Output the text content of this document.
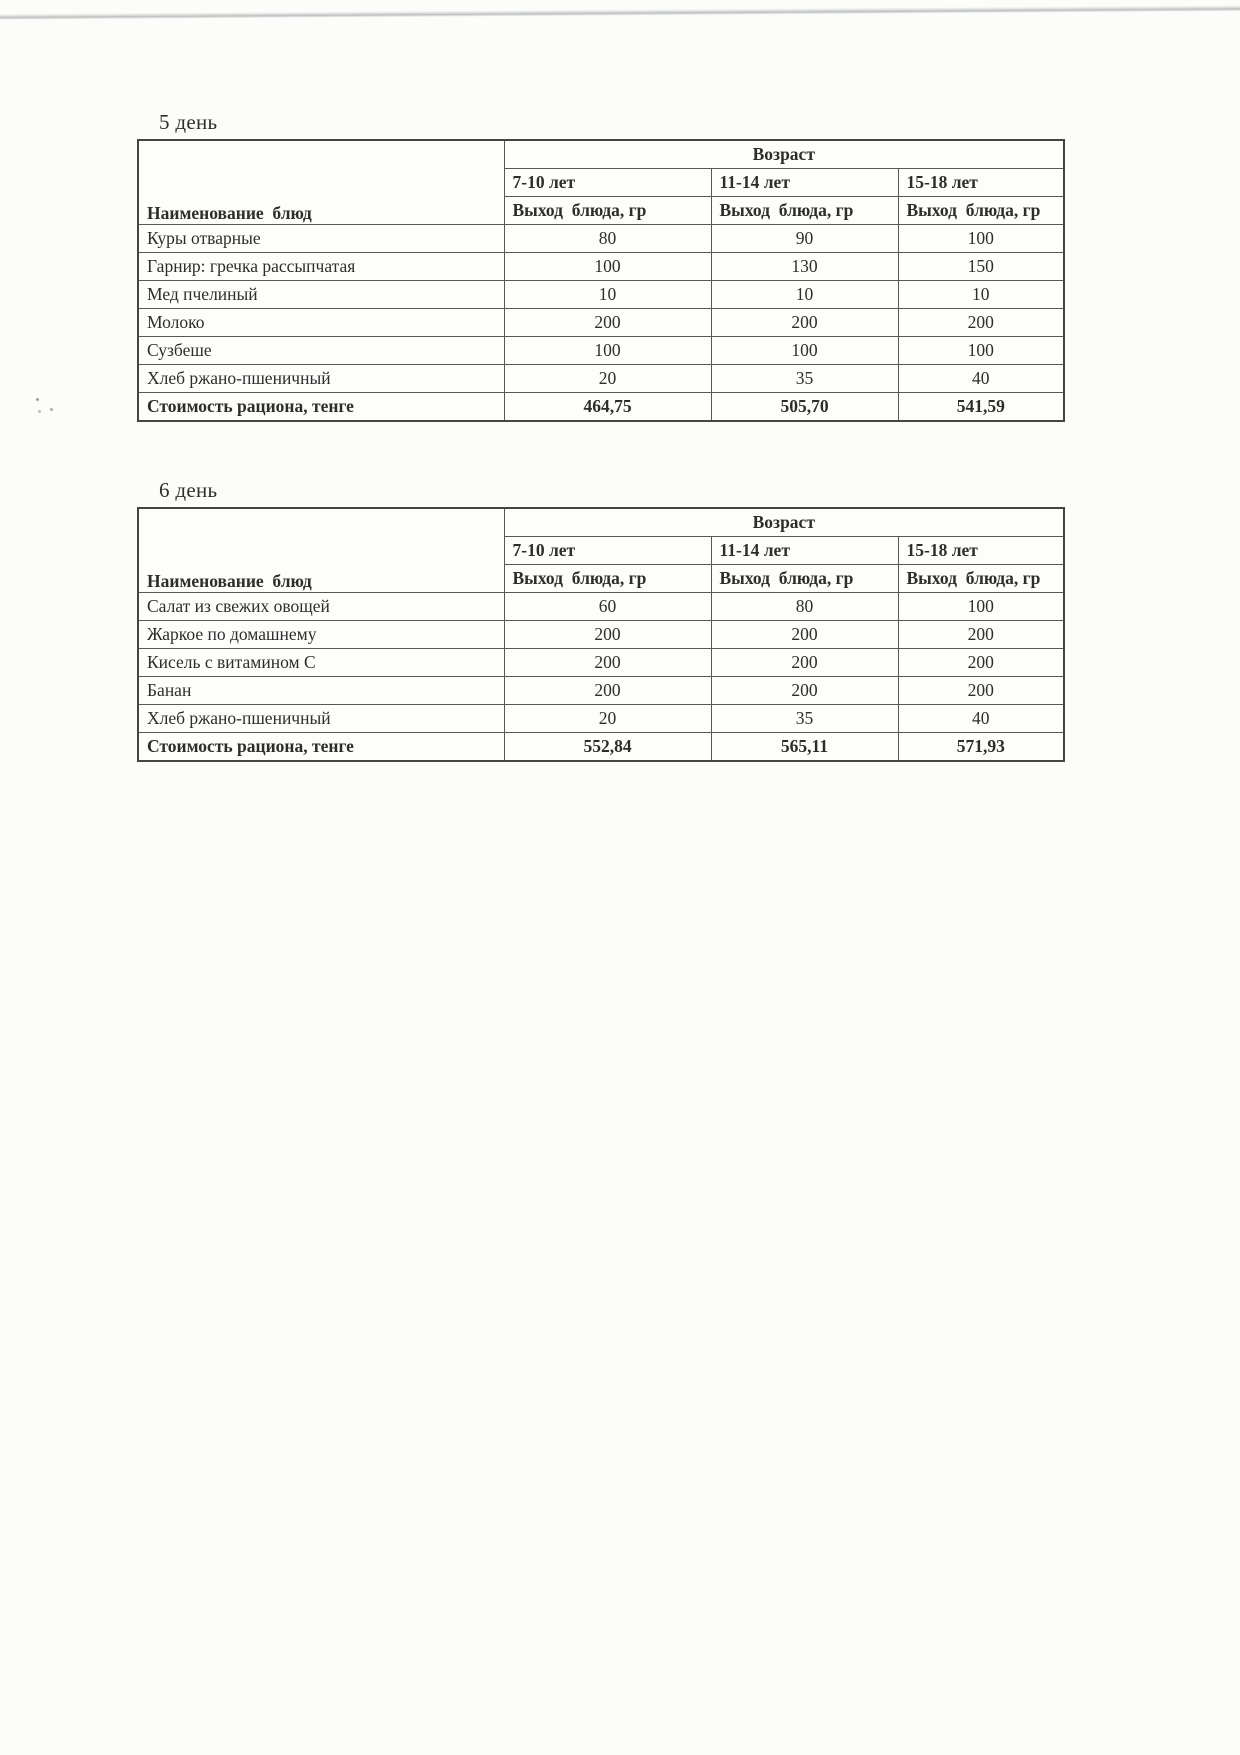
5 день
Наименование  блюд	Возраст		
	7-10 лет	11-14 лет	15-18 лет
	Выход  блюда, гр	Выход  блюда, гр	Выход  блюда, гр
Куры отварные	80	90	100
Гарнир: гречка рассыпчатая	100	130	150
Мед пчелиный	10	10	10
Молоко	200	200	200
Сузбеше	100	100	100
Хлеб ржано-пшеничный	20	35	40
Стоимость рациона, тенге	464,75	505,70	541,59
6 день
Наименование  блюд	Возраст		
	7-10 лет	11-14 лет	15-18 лет
	Выход  блюда, гр	Выход  блюда, гр	Выход  блюда, гр
Салат из свежих овощей	60	80	100
Жаркое по домашнему	200	200	200
Кисель с витамином С	200	200	200
Банан	200	200	200
Хлеб ржано-пшеничный	20	35	40
Стоимость рациона, тенге	552,84	565,11	571,93
